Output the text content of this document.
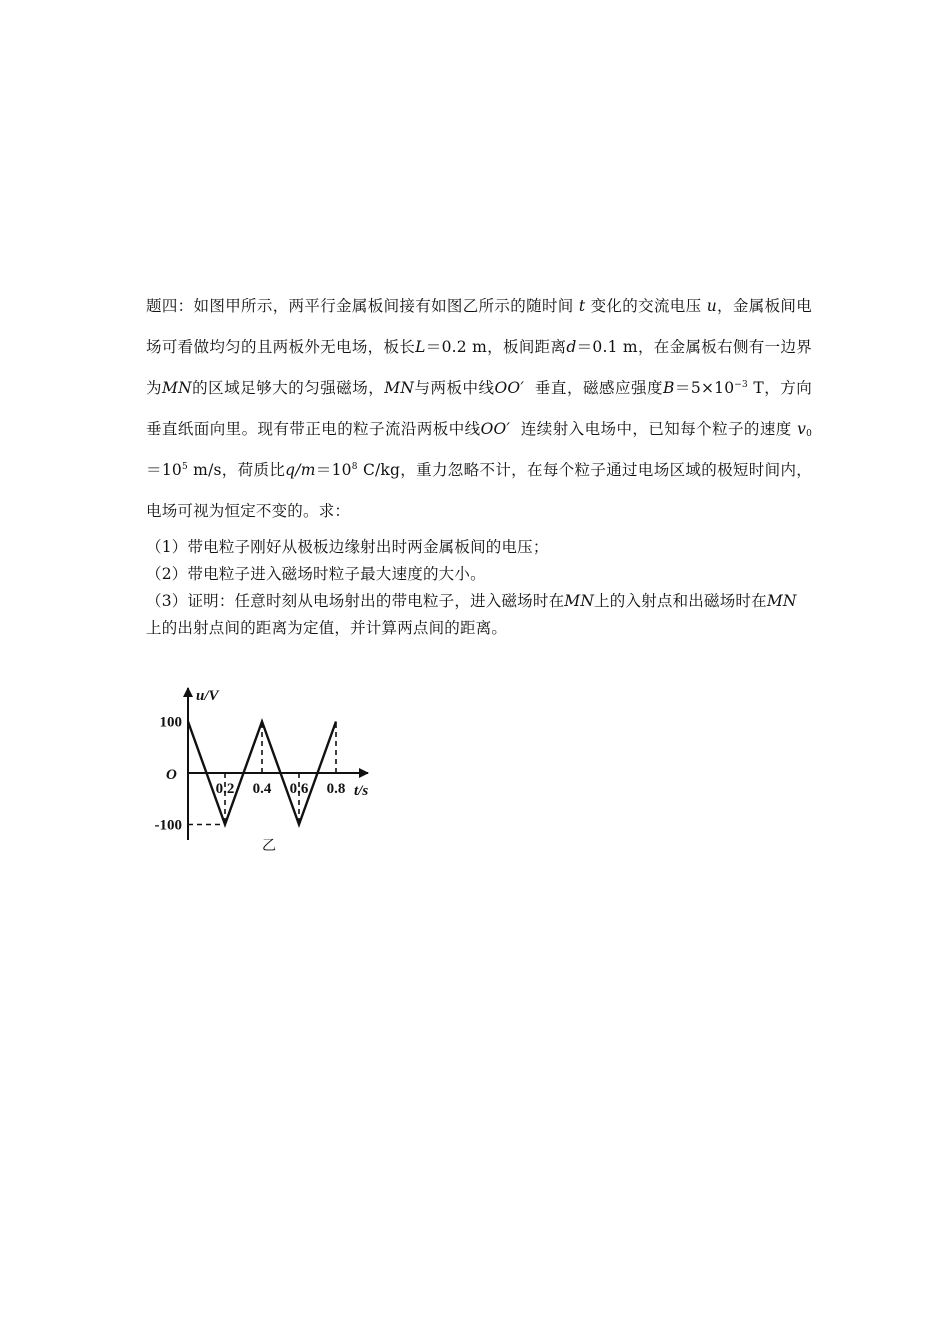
题四：如图甲所示，两平行金属板间接有如图乙所示的随时间 t 变化的交流电压 u，金属板间电场可看做均匀的且两板外无电场，板长L＝0.2 m，板间距离d＝0.1 m，在金属板右侧有一边界为MN的区域足够大的匀强磁场，MN与两板中线OO′ 垂直，磁感应强度$B=5\times 10^{-3}$ T，方向垂直纸面向里。现有带正电的粒子流沿两板中线OO′ 连续射入电场中，已知每个粒子的速度 $v_0=10^5$ m/s，荷质比$q/m=10^8$ C/kg，重力忽略不计，在每个粒子通过电场区域的极短时间内，电场可视为恒定不变的。求：

（1）带电粒子刚好从极板边缘射出时两金属板间的电压；

（2）带电粒子进入磁场时粒子最大速度的大小。

（3）证明：任意时刻从电场射出的带电粒子，进入磁场时在MN上的入射点和出磁场时在MN上的出射点间的距离为定值，并计算两点间的距离。

u/V
t/s
O
0.2 0.4 0.6 0.8
100
-100
乙
